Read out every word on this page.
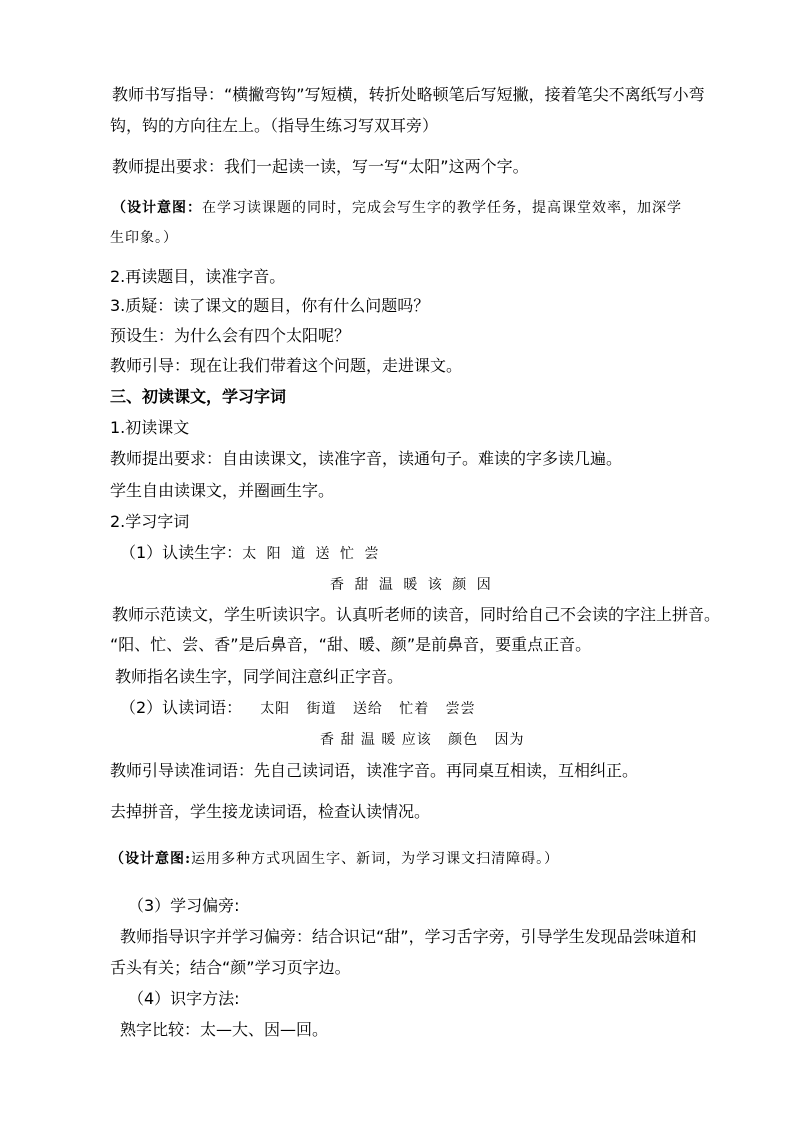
教师书写指导：“横撇弯钩”写短横，转折处略顿笔后写短撇，接着笔尖不离纸写小弯
钩，钩的方向往左上。（指导生练习写双耳旁）
教师提出要求：我们一起读一读，写一写“太阳”这两个字。
（设计意图：在学习读课题的同时，完成会写生字的教学任务，提高课堂效率，加深学
生印象。）
2.再读题目，读准字音。
3.质疑：读了课文的题目，你有什么问题吗？
预设生：为什么会有四个太阳呢？
教师引导：现在让我们带着这个问题，走进课文。
三、初读课文，学习字词
1.初读课文
教师提出要求：自由读课文，读准字音，读通句子。难读的字多读几遍。
学生自由读课文，并圈画生字。
2.学习字词
（1）认读生字：太 阳 道 送 忙 尝
香 甜 温 暖 该 颜 因
教师示范读文，学生听读识字。认真听老师的读音，同时给自己不会读的字注上拼音。
“阳、忙、尝、香”是后鼻音，“甜、暖、颜”是前鼻音，要重点正音。
教师指名读生字，同学间注意纠正字音。
（2）认读词语： 太阳   街道   送给   忙着   尝尝
香 甜 温 暖 应该   颜色   因为
教师引导读准词语：先自己读词语，读准字音。再同桌互相读，互相纠正。
去掉拼音，学生接龙读词语，检查认读情况。
（设计意图:运用多种方式巩固生字、新词，为学习课文扫清障碍。）
（3）学习偏旁:
教师指导识字并学习偏旁：结合识记“甜”，学习舌字旁，引导学生发现品尝味道和
舌头有关；结合“颜”学习页字边。
（4）识字方法:
熟字比较：太—大、因—回。
